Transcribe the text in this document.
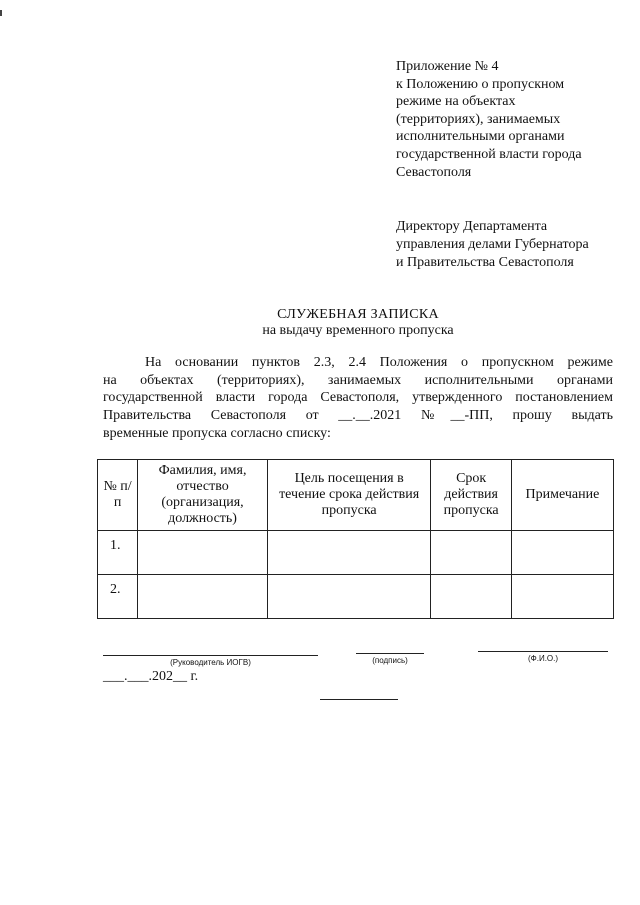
Приложение № 4
к Положению о пропускном
режиме на объектах
(территориях), занимаемых
исполнительными органами
государственной власти города
Севастополя
Директору Департамента
управления делами Губернатора
и Правительства Севастополя
СЛУЖЕБНАЯ ЗАПИСКА
на выдачу временного пропуска
На основании пунктов 2.3, 2.4 Положения о пропускном режиме
на объектах (территориях), занимаемых исполнительными органами
государственной власти города Севастополя, утвержденного постановлением
Правительства Севастополя от __.__.2021 №__-ПП, прошу выдать
временные пропуска согласно списку:
№ п/п	Фамилия, имя, отчество (организация, должность)	Цель посещения в течение срока действия пропуска	Срок действия пропуска	Примечание
1.				
2.				
(Руководитель ИОГВ)	(подпись)	(Ф.И.О.)
___.___.202__ г.
